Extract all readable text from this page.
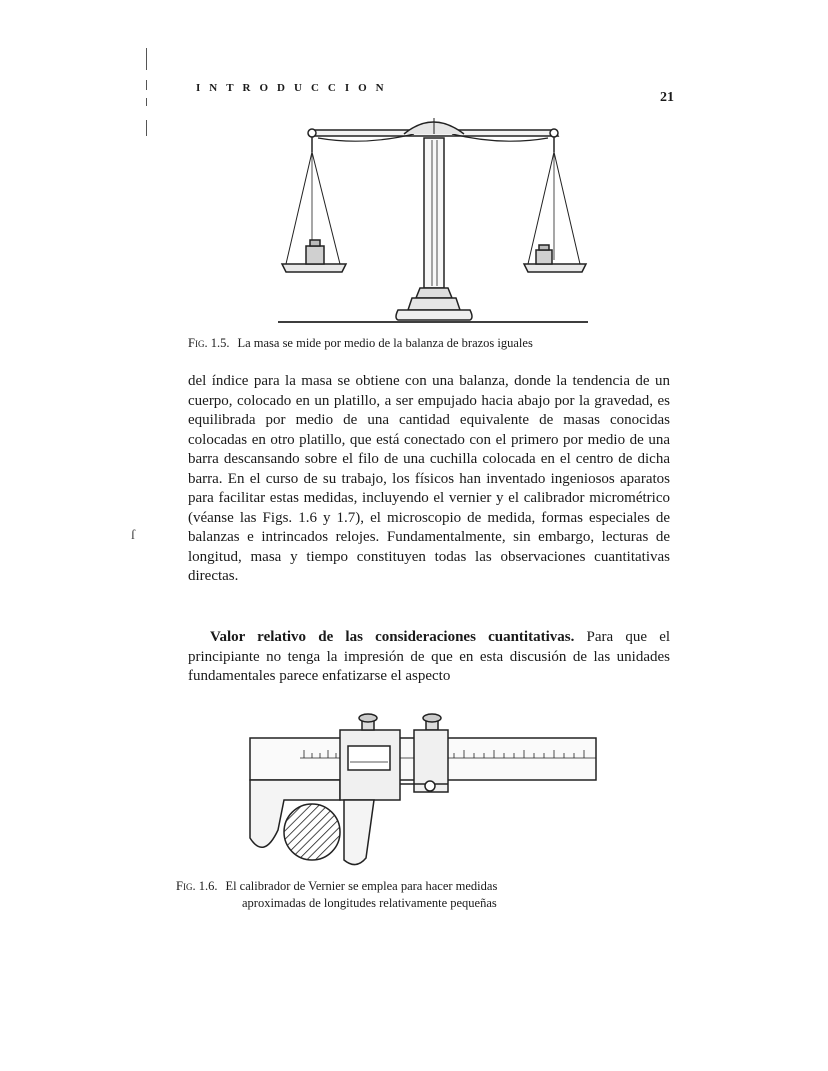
INTRODUCCION
21
ſ
Fig. 1.5. La masa se mide por medio de la balanza de brazos iguales

del índice para la masa se obtiene con una balanza, donde la tendencia de un cuerpo, colocado en un platillo, a ser empujado hacia abajo por la gravedad, es equilibrada por medio de una cantidad equivalente de masas conocidas colocadas en otro platillo, que está conectado con el primero por medio de una barra descansando sobre el filo de una cuchilla colocada en el centro de dicha barra. En el curso de su trabajo, los físicos han inventado ingeniosos aparatos para facilitar estas medidas, incluyendo el vernier y el calibrador micrométrico (véanse las Figs. 1.6 y 1.7), el microscopio de medida, formas especiales de balanzas e intrincados relojes. Fundamentalmente, sin embargo, lecturas de longitud, masa y tiempo constituyen todas las observaciones cuantitativas directas.

Valor relativo de las consideraciones cuantitativas. Para que el principiante no tenga la impresión de que en esta discusión de las unidades fundamentales parece enfatizarse el aspecto

Fig. 1.6. El calibrador de Vernier se emplea para hacer medidas
aproximadas de longitudes relativamente pequeñas
